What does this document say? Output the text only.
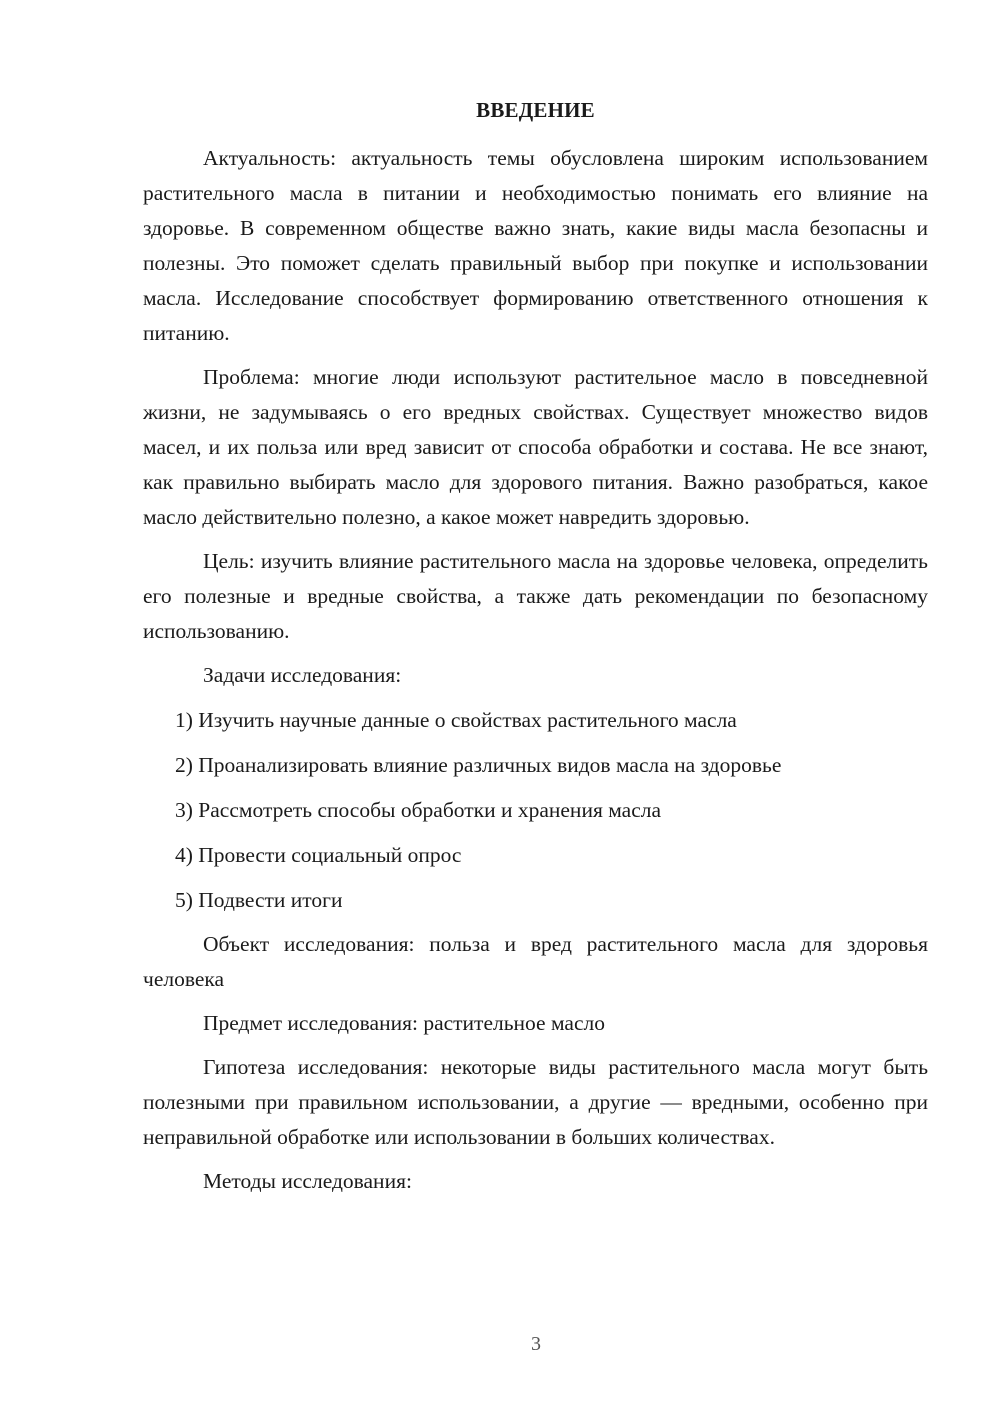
ВВЕДЕНИЕ

Актуальность: актуальность темы обусловлена широким использованием растительного масла в питании и необходимостью понимать его влияние на здоровье. В современном обществе важно знать, какие виды масла безопасны и полезны. Это поможет сделать правильный выбор при покупке и использовании масла. Исследование способствует формированию ответственного отношения к питанию.

Проблема: многие люди используют растительное масло в повседневной жизни, не задумываясь о его вредных свойствах. Существует множество видов масел, и их польза или вред зависит от способа обработки и состава. Не все знают, как правильно выбирать масло для здорового питания. Важно разобраться, какое масло действительно полезно, а какое может навредить здоровью.

Цель: изучить влияние растительного масла на здоровье человека, определить его полезные и вредные свойства, а также дать рекомендации по безопасному использованию.

Задачи исследования:

1) Изучить научные данные о свойствах растительного масла
2) Проанализировать влияние различных видов масла на здоровье
3) Рассмотреть способы обработки и хранения масла
4) Провести социальный опрос
5) Подвести итоги

Объект исследования: польза и вред растительного масла для здоровья человека

Предмет исследования: растительное масло

Гипотеза исследования: некоторые виды растительного масла могут быть полезными при правильном использовании, а другие — вредными, особенно при неправильной обработке или использовании в больших количествах.

Методы исследования:

3
